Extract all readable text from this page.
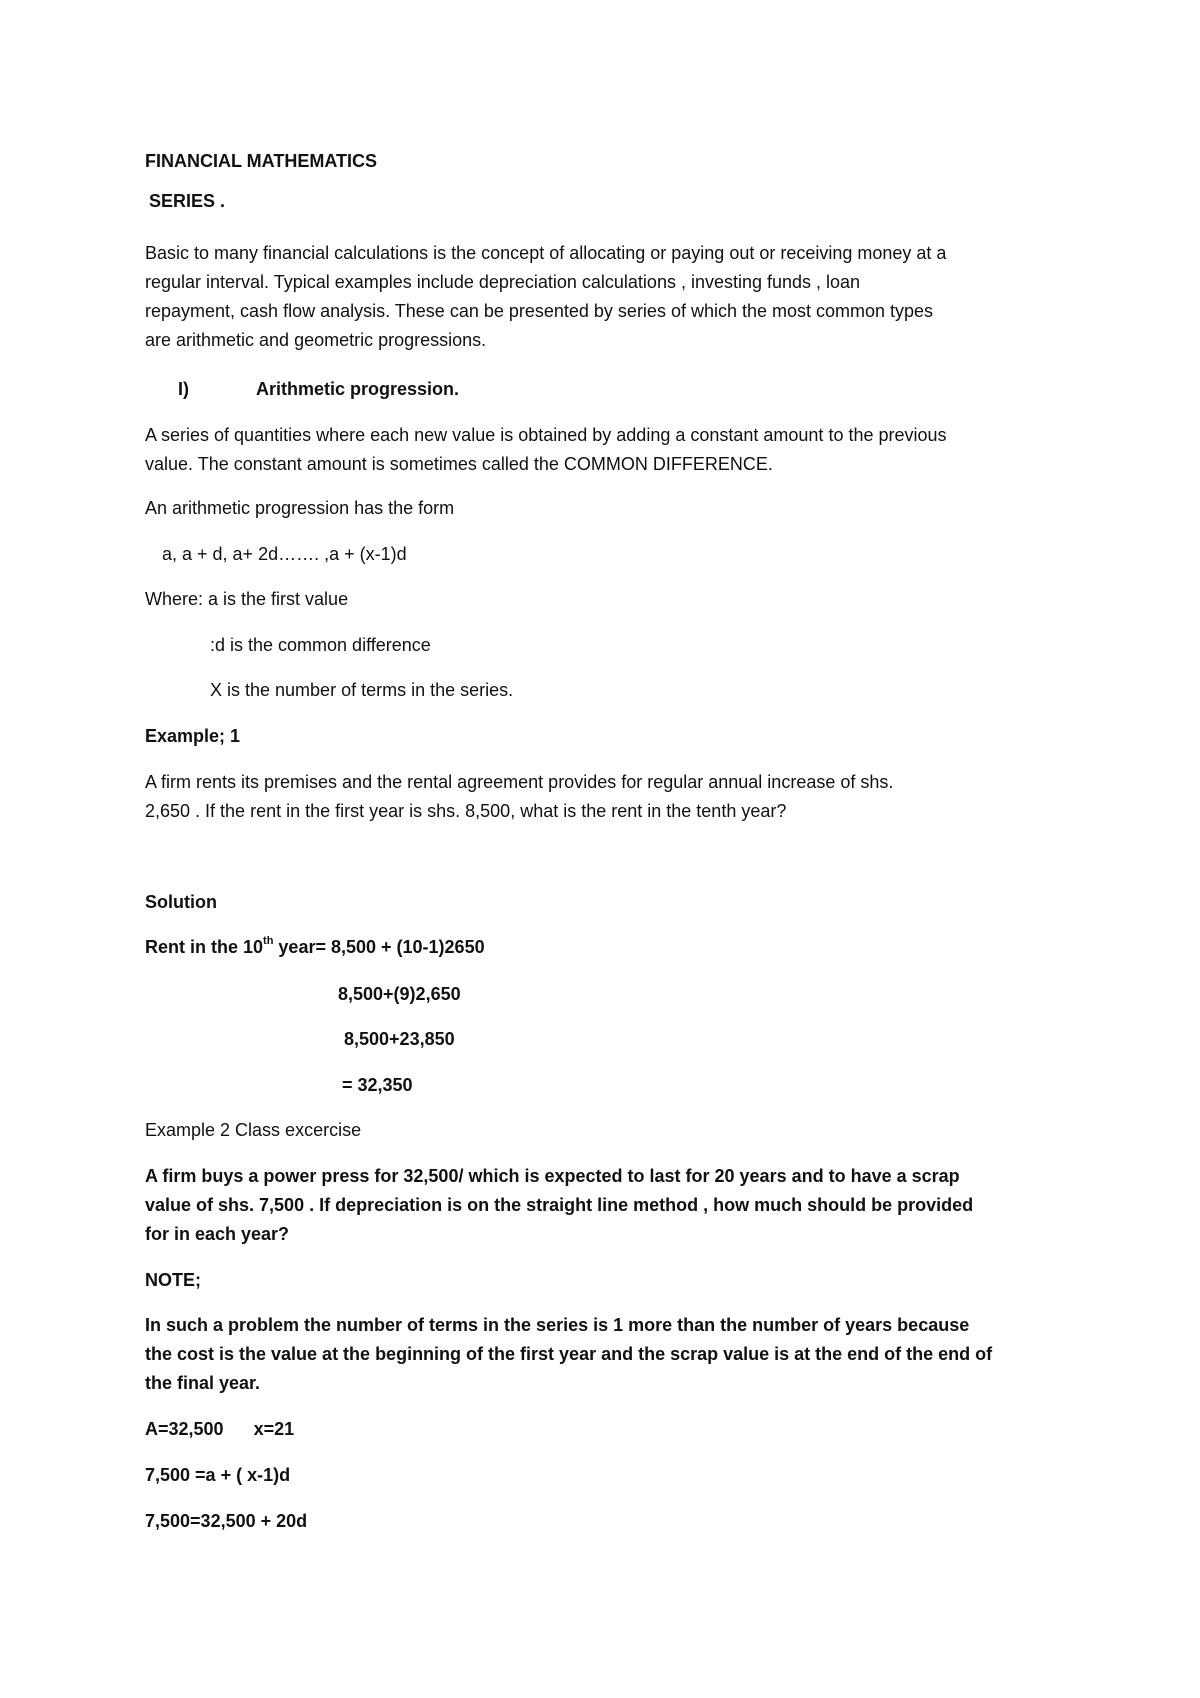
FINANCIAL MATHEMATICS
SERIES .
Basic to many financial calculations is the concept of allocating or paying out or receiving money at a
regular interval. Typical examples include depreciation calculations , investing funds , loan
repayment, cash flow analysis. These can be presented by series of which the most common types
are arithmetic and geometric progressions.
I)	Arithmetic progression.
A series of quantities where each new value is obtained by adding a constant amount to the previous
value. The constant amount is sometimes called the COMMON DIFFERENCE.
An arithmetic progression has the form
a, a + d, a+ 2d……. ,a + (x-1)d
Where: a is the first value
:d is the common difference
X is the number of terms in the series.
Example; 1
A firm rents its premises and the rental agreement provides for regular annual increase of shs.
2,650 . If the rent in the first year is shs. 8,500, what is the rent in the tenth year?
Solution
Rent in the 10th year= 8,500 + (10-1)2650
8,500+(9)2,650
8,500+23,850
= 32,350
Example 2 Class excercise
A firm buys a power press for 32,500/ which is expected to last for 20 years and to have a scrap
value of shs. 7,500 . If depreciation is on the straight line method , how much should be provided
for in each year?
NOTE;
In such a problem the number of terms in the series is 1 more than the number of years because
the cost is the value at the beginning of the first year and the scrap value is at the end of the end of
the final year.
A=32,500      x=21
7,500 =a + ( x-1)d
7,500=32,500 + 20d
